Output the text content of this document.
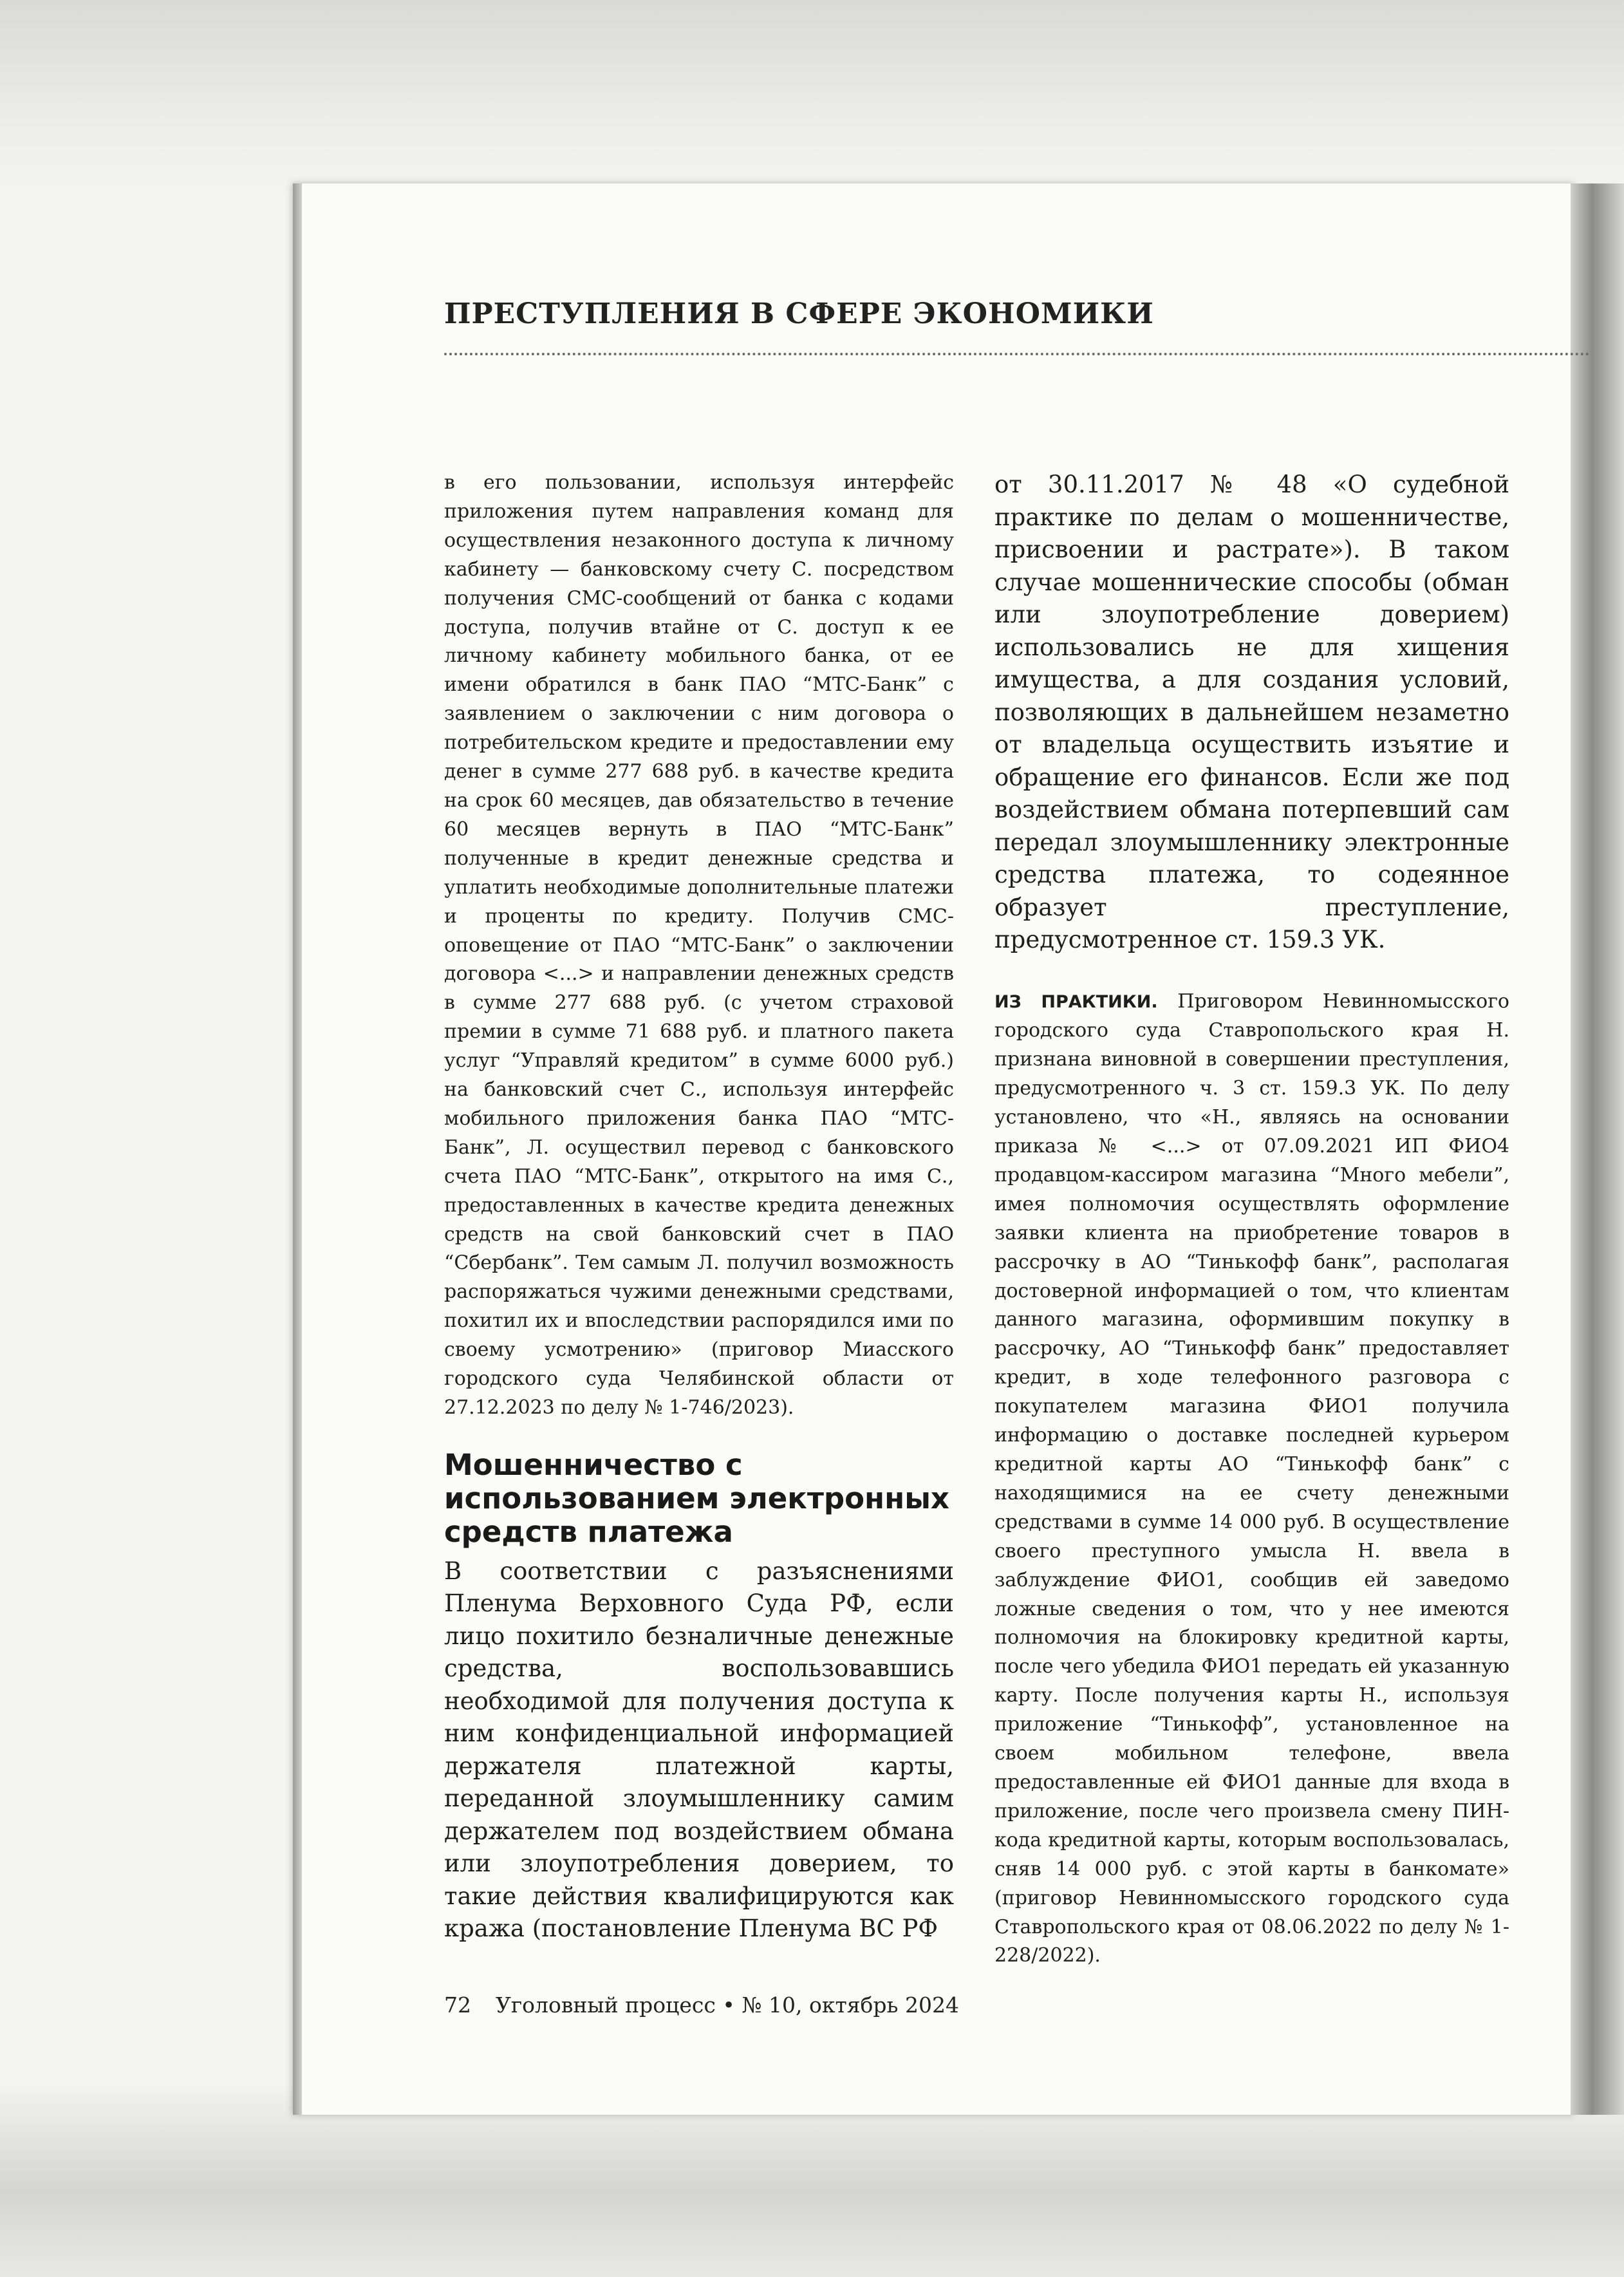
ПРЕСТУПЛЕНИЯ В СФЕРЕ ЭКОНОМИКИ

в его пользовании, используя интерфейс приложения путем направления команд для осуществления незаконного доступа к личному кабинету — банковскому счету С. посредством получения СМС-сообщений от банка с кодами доступа, получив втайне от С. доступ к ее личному кабинету мобильного банка, от ее имени обратился в банк ПАО “МТС-Банк” с заявлением о заключении с ним договора о потребительском кредите и предоставлении ему денег в сумме 277 688 руб. в качестве кредита на срок 60 месяцев, дав обязательство в течение 60 месяцев вернуть в ПАО “МТС-Банк” полученные в кредит денежные средства и уплатить необходимые дополнительные платежи и проценты по кредиту. Получив СМС-оповещение от ПАО “МТС-Банк” о заключении договора <...> и направлении денежных средств в сумме 277 688 руб. (с учетом страховой премии в сумме 71 688 руб. и платного пакета услуг “Управляй кредитом” в сумме 6000 руб.) на банковский счет С., используя интерфейс мобильного приложения банка ПАО “МТС-Банк”, Л. осуществил перевод с банковского счета ПАО “МТС-Банк”, открытого на имя С., предоставленных в качестве кредита денежных средств на свой банковский счет в ПАО “Сбербанк”. Тем самым Л. получил возможность распоряжаться чужими денежными средствами, похитил их и впоследствии распорядился ими по своему усмотрению» (приговор Миасского городского суда Челябинской области от 27.12.2023 по делу № 1-746/2023).

Мошенничество с использованием электронных средств платежа

В соответствии с разъяснениями Пленума Верховного Суда РФ, если лицо похитило безналичные денежные средства, воспользовавшись необходимой для получения доступа к ним конфиденциальной информацией держателя платежной карты, переданной злоумышленнику самим держателем под воздействием обмана или злоупотребления доверием, то такие действия квалифицируются как кража (постановление Пленума ВС РФ

от 30.11.2017 № 48 «О судебной практике по делам о мошенничестве, присвоении и растрате»). В таком случае мошеннические способы (обман или злоупотребление доверием) использовались не для хищения имущества, а для создания условий, позволяющих в дальнейшем незаметно от владельца осуществить изъятие и обращение его финансов. Если же под воздействием обмана потерпевший сам передал злоумышленнику электронные средства платежа, то содеянное образует преступление, предусмотренное ст. 159.3 УК.

ИЗ ПРАКТИКИ. Приговором Невинномысского городского суда Ставропольского края Н. признана виновной в совершении преступления, предусмотренного ч. 3 ст. 159.3 УК. По делу установлено, что «Н., являясь на основании приказа № <...> от 07.09.2021 ИП ФИО4 продавцом-кассиром магазина “Много мебели”, имея полномочия осуществлять оформление заявки клиента на приобретение товаров в рассрочку в АО “Тинькофф банк”, располагая достоверной информацией о том, что клиентам данного магазина, оформившим покупку в рассрочку, АО “Тинькофф банк” предоставляет кредит, в ходе телефонного разговора с покупателем магазина ФИО1 получила информацию о доставке последней курьером кредитной карты АО “Тинькофф банк” с находящимися на ее счету денежными средствами в сумме 14 000 руб. В осуществление своего преступного умысла Н. ввела в заблуждение ФИО1, сообщив ей заведомо ложные сведения о том, что у нее имеются полномочия на блокировку кредитной карты, после чего убедила ФИО1 передать ей указанную карту. После получения карты Н., используя приложение “Тинькофф”, установленное на своем мобильном телефоне, ввела предоставленные ей ФИО1 данные для входа в приложение, после чего произвела смену ПИН-кода кредитной карты, которым воспользовалась, сняв 14 000 руб. с этой карты в банкомате» (приговор Невинномысского городского суда Ставропольского края от 08.06.2022 по делу № 1-228/2022).

72 Уголовный процесс • № 10, октябрь 2024
